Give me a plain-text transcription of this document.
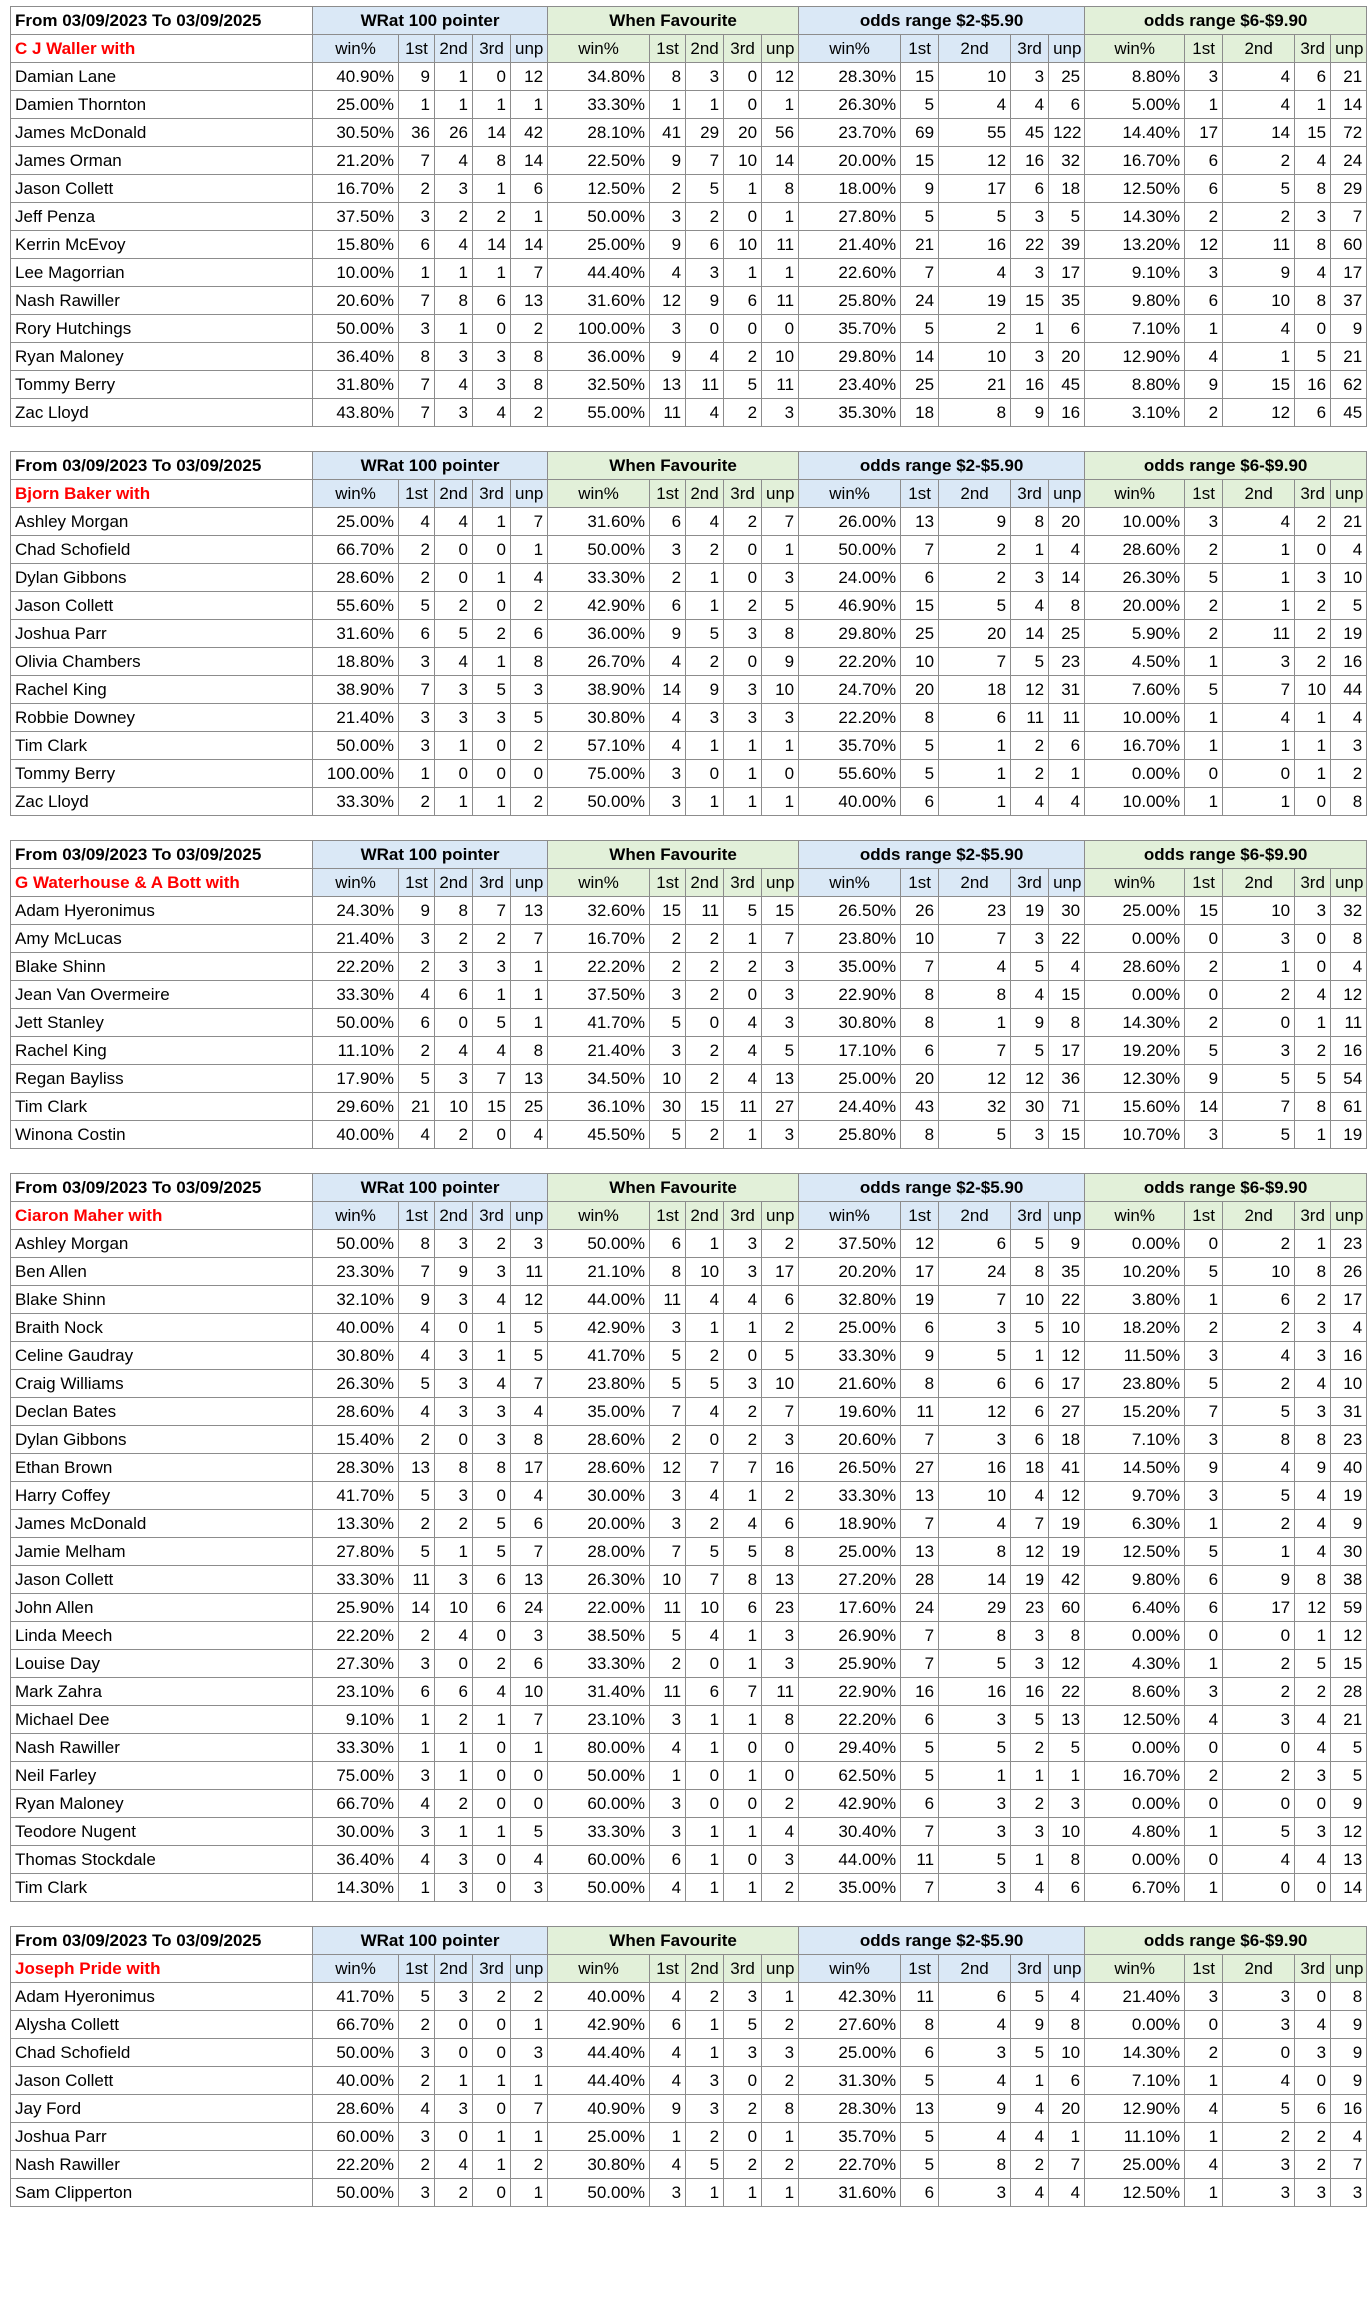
From 03/09/2023 To 03/09/2025	WRat 100 pointer					When Favourite					odds range $2-$5.90					odds range $6-$9.90				
C J Waller with	win%	1st	2nd	3rd	unp	win%	1st	2nd	3rd	unp	win%	1st	2nd	3rd	unp	win%	1st	2nd	3rd	unp
Damian Lane	40.90%	9	1	0	12	34.80%	8	3	0	12	28.30%	15	10	3	25	8.80%	3	4	6	21
Damien Thornton	25.00%	1	1	1	1	33.30%	1	1	0	1	26.30%	5	4	4	6	5.00%	1	4	1	14
James McDonald	30.50%	36	26	14	42	28.10%	41	29	20	56	23.70%	69	55	45	122	14.40%	17	14	15	72
James Orman	21.20%	7	4	8	14	22.50%	9	7	10	14	20.00%	15	12	16	32	16.70%	6	2	4	24
Jason Collett	16.70%	2	3	1	6	12.50%	2	5	1	8	18.00%	9	17	6	18	12.50%	6	5	8	29
Jeff Penza	37.50%	3	2	2	1	50.00%	3	2	0	1	27.80%	5	5	3	5	14.30%	2	2	3	7
Kerrin McEvoy	15.80%	6	4	14	14	25.00%	9	6	10	11	21.40%	21	16	22	39	13.20%	12	11	8	60
Lee Magorrian	10.00%	1	1	1	7	44.40%	4	3	1	1	22.60%	7	4	3	17	9.10%	3	9	4	17
Nash Rawiller	20.60%	7	8	6	13	31.60%	12	9	6	11	25.80%	24	19	15	35	9.80%	6	10	8	37
Rory Hutchings	50.00%	3	1	0	2	100.00%	3	0	0	0	35.70%	5	2	1	6	7.10%	1	4	0	9
Ryan Maloney	36.40%	8	3	3	8	36.00%	9	4	2	10	29.80%	14	10	3	20	12.90%	4	1	5	21
Tommy Berry	31.80%	7	4	3	8	32.50%	13	11	5	11	23.40%	25	21	16	45	8.80%	9	15	16	62
Zac Lloyd	43.80%	7	3	4	2	55.00%	11	4	2	3	35.30%	18	8	9	16	3.10%	2	12	6	45
From 03/09/2023 To 03/09/2025	WRat 100 pointer					When Favourite					odds range $2-$5.90					odds range $6-$9.90				
Bjorn Baker with	win%	1st	2nd	3rd	unp	win%	1st	2nd	3rd	unp	win%	1st	2nd	3rd	unp	win%	1st	2nd	3rd	unp
Ashley Morgan	25.00%	4	4	1	7	31.60%	6	4	2	7	26.00%	13	9	8	20	10.00%	3	4	2	21
Chad Schofield	66.70%	2	0	0	1	50.00%	3	2	0	1	50.00%	7	2	1	4	28.60%	2	1	0	4
Dylan Gibbons	28.60%	2	0	1	4	33.30%	2	1	0	3	24.00%	6	2	3	14	26.30%	5	1	3	10
Jason Collett	55.60%	5	2	0	2	42.90%	6	1	2	5	46.90%	15	5	4	8	20.00%	2	1	2	5
Joshua Parr	31.60%	6	5	2	6	36.00%	9	5	3	8	29.80%	25	20	14	25	5.90%	2	11	2	19
Olivia Chambers	18.80%	3	4	1	8	26.70%	4	2	0	9	22.20%	10	7	5	23	4.50%	1	3	2	16
Rachel King	38.90%	7	3	5	3	38.90%	14	9	3	10	24.70%	20	18	12	31	7.60%	5	7	10	44
Robbie Downey	21.40%	3	3	3	5	30.80%	4	3	3	3	22.20%	8	6	11	11	10.00%	1	4	1	4
Tim Clark	50.00%	3	1	0	2	57.10%	4	1	1	1	35.70%	5	1	2	6	16.70%	1	1	1	3
Tommy Berry	100.00%	1	0	0	0	75.00%	3	0	1	0	55.60%	5	1	2	1	0.00%	0	0	1	2
Zac Lloyd	33.30%	2	1	1	2	50.00%	3	1	1	1	40.00%	6	1	4	4	10.00%	1	1	0	8
From 03/09/2023 To 03/09/2025	WRat 100 pointer					When Favourite					odds range $2-$5.90					odds range $6-$9.90				
G Waterhouse & A Bott with	win%	1st	2nd	3rd	unp	win%	1st	2nd	3rd	unp	win%	1st	2nd	3rd	unp	win%	1st	2nd	3rd	unp
Adam Hyeronimus	24.30%	9	8	7	13	32.60%	15	11	5	15	26.50%	26	23	19	30	25.00%	15	10	3	32
Amy McLucas	21.40%	3	2	2	7	16.70%	2	2	1	7	23.80%	10	7	3	22	0.00%	0	3	0	8
Blake Shinn	22.20%	2	3	3	1	22.20%	2	2	2	3	35.00%	7	4	5	4	28.60%	2	1	0	4
Jean Van Overmeire	33.30%	4	6	1	1	37.50%	3	2	0	3	22.90%	8	8	4	15	0.00%	0	2	4	12
Jett Stanley	50.00%	6	0	5	1	41.70%	5	0	4	3	30.80%	8	1	9	8	14.30%	2	0	1	11
Rachel King	11.10%	2	4	4	8	21.40%	3	2	4	5	17.10%	6	7	5	17	19.20%	5	3	2	16
Regan Bayliss	17.90%	5	3	7	13	34.50%	10	2	4	13	25.00%	20	12	12	36	12.30%	9	5	5	54
Tim Clark	29.60%	21	10	15	25	36.10%	30	15	11	27	24.40%	43	32	30	71	15.60%	14	7	8	61
Winona Costin	40.00%	4	2	0	4	45.50%	5	2	1	3	25.80%	8	5	3	15	10.70%	3	5	1	19
From 03/09/2023 To 03/09/2025	WRat 100 pointer					When Favourite					odds range $2-$5.90					odds range $6-$9.90				
Ciaron Maher with	win%	1st	2nd	3rd	unp	win%	1st	2nd	3rd	unp	win%	1st	2nd	3rd	unp	win%	1st	2nd	3rd	unp
Ashley Morgan	50.00%	8	3	2	3	50.00%	6	1	3	2	37.50%	12	6	5	9	0.00%	0	2	1	23
Ben Allen	23.30%	7	9	3	11	21.10%	8	10	3	17	20.20%	17	24	8	35	10.20%	5	10	8	26
Blake Shinn	32.10%	9	3	4	12	44.00%	11	4	4	6	32.80%	19	7	10	22	3.80%	1	6	2	17
Braith Nock	40.00%	4	0	1	5	42.90%	3	1	1	2	25.00%	6	3	5	10	18.20%	2	2	3	4
Celine Gaudray	30.80%	4	3	1	5	41.70%	5	2	0	5	33.30%	9	5	1	12	11.50%	3	4	3	16
Craig Williams	26.30%	5	3	4	7	23.80%	5	5	3	10	21.60%	8	6	6	17	23.80%	5	2	4	10
Declan Bates	28.60%	4	3	3	4	35.00%	7	4	2	7	19.60%	11	12	6	27	15.20%	7	5	3	31
Dylan Gibbons	15.40%	2	0	3	8	28.60%	2	0	2	3	20.60%	7	3	6	18	7.10%	3	8	8	23
Ethan Brown	28.30%	13	8	8	17	28.60%	12	7	7	16	26.50%	27	16	18	41	14.50%	9	4	9	40
Harry Coffey	41.70%	5	3	0	4	30.00%	3	4	1	2	33.30%	13	10	4	12	9.70%	3	5	4	19
James McDonald	13.30%	2	2	5	6	20.00%	3	2	4	6	18.90%	7	4	7	19	6.30%	1	2	4	9
Jamie Melham	27.80%	5	1	5	7	28.00%	7	5	5	8	25.00%	13	8	12	19	12.50%	5	1	4	30
Jason Collett	33.30%	11	3	6	13	26.30%	10	7	8	13	27.20%	28	14	19	42	9.80%	6	9	8	38
John Allen	25.90%	14	10	6	24	22.00%	11	10	6	23	17.60%	24	29	23	60	6.40%	6	17	12	59
Linda Meech	22.20%	2	4	0	3	38.50%	5	4	1	3	26.90%	7	8	3	8	0.00%	0	0	1	12
Louise Day	27.30%	3	0	2	6	33.30%	2	0	1	3	25.90%	7	5	3	12	4.30%	1	2	5	15
Mark Zahra	23.10%	6	6	4	10	31.40%	11	6	7	11	22.90%	16	16	16	22	8.60%	3	2	2	28
Michael Dee	9.10%	1	2	1	7	23.10%	3	1	1	8	22.20%	6	3	5	13	12.50%	4	3	4	21
Nash Rawiller	33.30%	1	1	0	1	80.00%	4	1	0	0	29.40%	5	5	2	5	0.00%	0	0	4	5
Neil Farley	75.00%	3	1	0	0	50.00%	1	0	1	0	62.50%	5	1	1	1	16.70%	2	2	3	5
Ryan Maloney	66.70%	4	2	0	0	60.00%	3	0	0	2	42.90%	6	3	2	3	0.00%	0	0	0	9
Teodore Nugent	30.00%	3	1	1	5	33.30%	3	1	1	4	30.40%	7	3	3	10	4.80%	1	5	3	12
Thomas Stockdale	36.40%	4	3	0	4	60.00%	6	1	0	3	44.00%	11	5	1	8	0.00%	0	4	4	13
Tim Clark	14.30%	1	3	0	3	50.00%	4	1	1	2	35.00%	7	3	4	6	6.70%	1	0	0	14
From 03/09/2023 To 03/09/2025	WRat 100 pointer					When Favourite					odds range $2-$5.90					odds range $6-$9.90				
Joseph Pride with	win%	1st	2nd	3rd	unp	win%	1st	2nd	3rd	unp	win%	1st	2nd	3rd	unp	win%	1st	2nd	3rd	unp
Adam Hyeronimus	41.70%	5	3	2	2	40.00%	4	2	3	1	42.30%	11	6	5	4	21.40%	3	3	0	8
Alysha Collett	66.70%	2	0	0	1	42.90%	6	1	5	2	27.60%	8	4	9	8	0.00%	0	3	4	9
Chad Schofield	50.00%	3	0	0	3	44.40%	4	1	3	3	25.00%	6	3	5	10	14.30%	2	0	3	9
Jason Collett	40.00%	2	1	1	1	44.40%	4	3	0	2	31.30%	5	4	1	6	7.10%	1	4	0	9
Jay Ford	28.60%	4	3	0	7	40.90%	9	3	2	8	28.30%	13	9	4	20	12.90%	4	5	6	16
Joshua Parr	60.00%	3	0	1	1	25.00%	1	2	0	1	35.70%	5	4	4	1	11.10%	1	2	2	4
Nash Rawiller	22.20%	2	4	1	2	30.80%	4	5	2	2	22.70%	5	8	2	7	25.00%	4	3	2	7
Sam Clipperton	50.00%	3	2	0	1	50.00%	3	1	1	1	31.60%	6	3	4	4	12.50%	1	3	3	3
